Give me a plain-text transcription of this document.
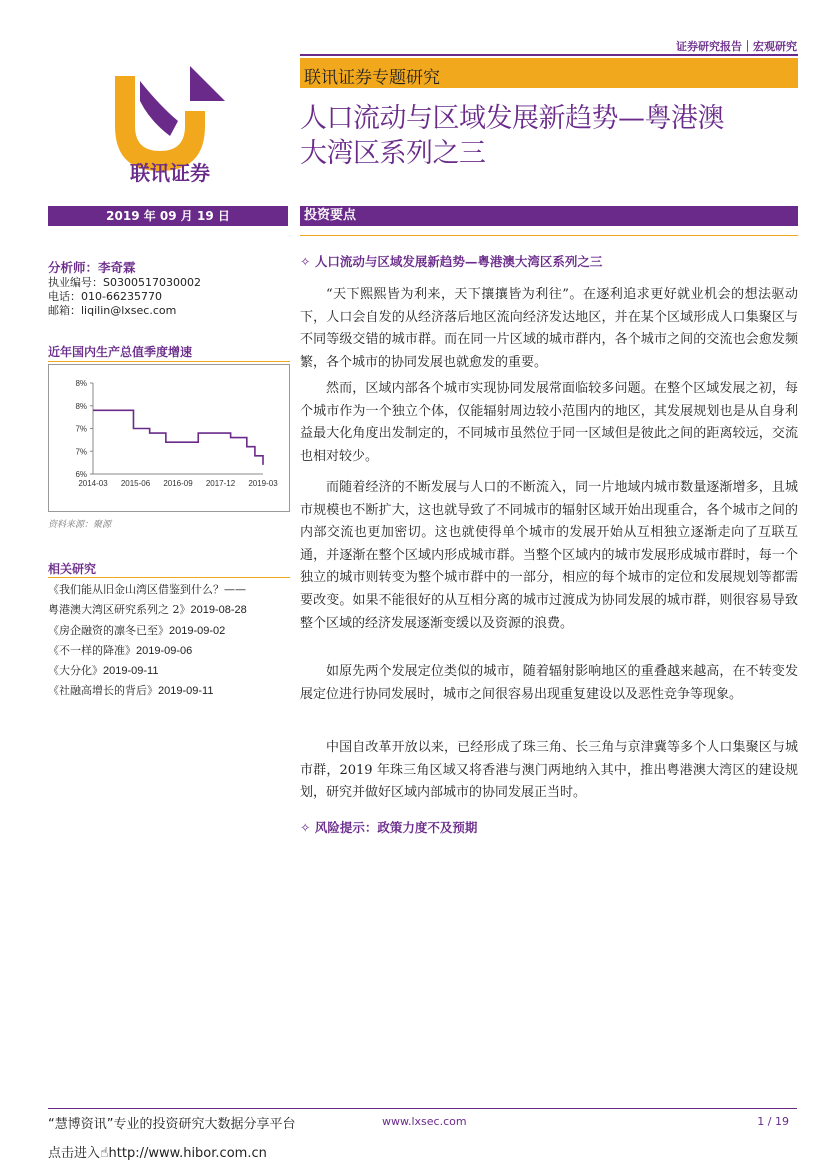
证券研究报告｜宏观研究
联讯证券
联讯证券专题研究
人口流动与区域发展新趋势—粤港澳
大湾区系列之三
2019 年 09 月 19 日	投资要点
分析师：李奇霖
执业编号：S0300517030002
电话：010-66235770
邮箱：liqilin@lxsec.com
近年国内生产总值季度增速
6%
7%
7%
8%
8%
2014-03 2015-06 2016-09 2017-12 2019-03
资料来源：聚源
相关研究
《我们能从旧金山湾区借鉴到什么？——
粤港澳大湾区研究系列之 2》2019-08-28
《房企融资的凛冬已至》2019-09-02
《不一样的降准》2019-09-06
《大分化》2019-09-11
《社融高增长的背后》2019-09-11
✧ 人口流动与区域发展新趋势—粤港澳大湾区系列之三
“天下熙熙皆为利来，天下攘攘皆为利往”。在逐利追求更好就业机会的想法驱动下，人口会自发的从经济落后地区流向经济发达地区，并在某个区域形成人口集聚区与不同等级交错的城市群。而在同一片区域的城市群内，各个城市之间的交流也会愈发频繁，各个城市的协同发展也就愈发的重要。
然而，区域内部各个城市实现协同发展常面临较多问题。在整个区域发展之初，每个城市作为一个独立个体，仅能辐射周边较小范围内的地区，其发展规划也是从自身利益最大化角度出发制定的，不同城市虽然位于同一区域但是彼此之间的距离较远，交流也相对较少。
而随着经济的不断发展与人口的不断流入，同一片地域内城市数量逐渐增多，且城市规模也不断扩大，这也就导致了不同城市的辐射区域开始出现重合，各个城市之间的内部交流也更加密切。这也就使得单个城市的发展开始从互相独立逐渐走向了互联互通，并逐渐在整个区域内形成城市群。当整个区域内的城市发展形成城市群时，每一个独立的城市则转变为整个城市群中的一部分，相应的每个城市的定位和发展规划等都需要改变。如果不能很好的从互相分离的城市过渡成为协同发展的城市群，则很容易导致整个区域的经济发展逐渐变缓以及资源的浪费。
如原先两个发展定位类似的城市，随着辐射影响地区的重叠越来越高，在不转变发展定位进行协同发展时，城市之间很容易出现重复建设以及恶性竞争等现象。
中国自改革开放以来，已经形成了珠三角、长三角与京津冀等多个人口集聚区与城市群，2019 年珠三角区域又将香港与澳门两地纳入其中，推出粤港澳大湾区的建设规划，研究并做好区域内部城市的协同发展正当时。
✧ 风险提示：政策力度不及预期
“慧博资讯”专业的投资研究大数据分享平台	www.lxsec.com	1 / 19
点击进入☝http://www.hibor.com.cn
